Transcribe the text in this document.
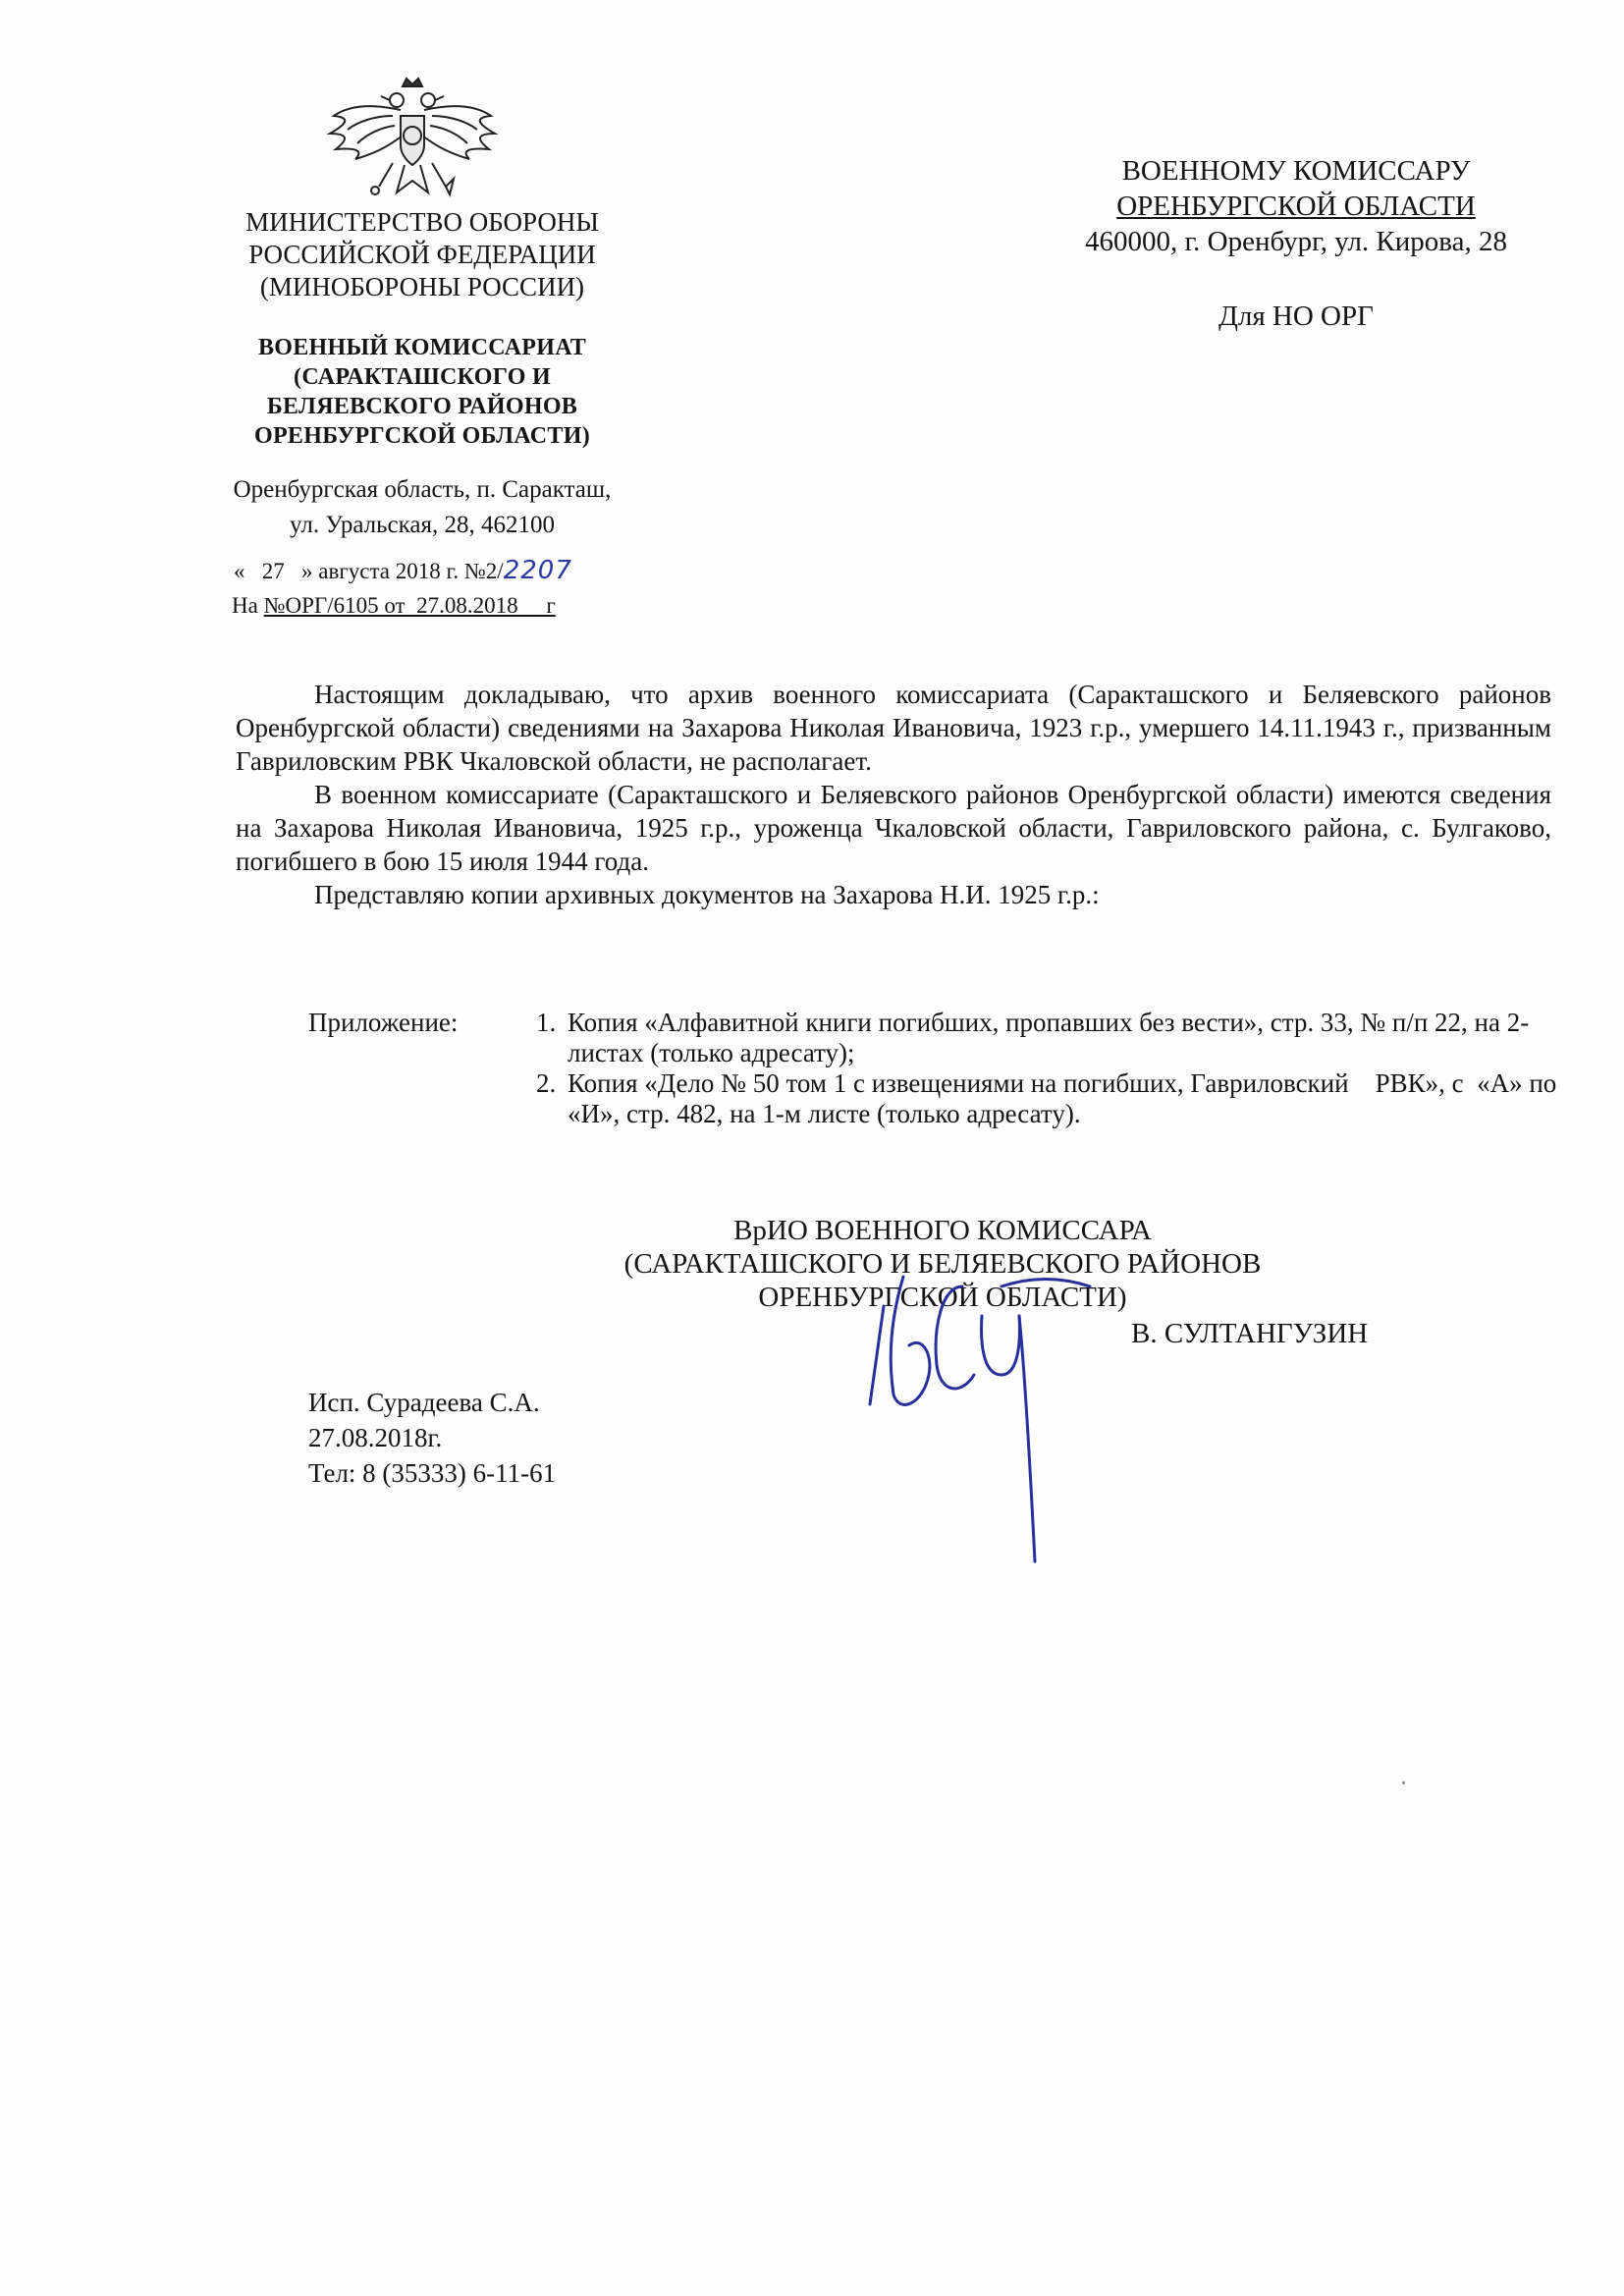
МИНИСТЕРСТВО ОБОРОНЫ
РОССИЙСКОЙ ФЕДЕРАЦИИ
(МИНОБОРОНЫ РОССИИ)
ВОЕННЫЙ КОМИССАРИАТ
(САРАКТАШСКОГО И
БЕЛЯЕВСКОГО РАЙОНОВ
ОРЕНБУРГСКОЙ ОБЛАСТИ)
Оренбургская область, п. Саракташ,
ул. Уральская, 28, 462100
«   27   » августа 2018 г. №2/2207
На №ОРГ/6105 от  27.08.2018     г
ВОЕННОМУ КОМИССАРУ
ОРЕНБУРГСКОЙ ОБЛАСТИ
460000, г. Оренбург, ул. Кирова, 28
Для НО ОРГ

Настоящим докладываю, что архив военного комиссариата (Саракташского и Беляевского районов Оренбургской области) сведениями на Захарова Николая Ивановича, 1923 г.р., умершего 14.11.1943 г., призванным Гавриловским РВК Чкаловской области, не располагает.

В военном комиссариате (Саракташского и Беляевского районов Оренбургской области) имеются сведения на Захарова Николая Ивановича, 1925 г.р., уроженца Чкаловской области, Гавриловского района, с. Булгаково, погибшего в бою 15 июля 1944 года.

Представляю копии архивных документов на Захарова Н.И. 1925 г.р.:

Приложение:	1. Копия «Алфавитной книги погибших, пропавших без вести», стр. 33, № п/п 22, на 2- листах (только адресату);
2. Копия «Дело № 50 том 1 с извещениями на погибших, Гавриловский    РВК», с  «А» по «И», стр. 482, на 1-м листе (только адресату).
ВрИО ВОЕННОГО КОМИССАРА
(САРАКТАШСКОГО И БЕЛЯЕВСКОГО РАЙОНОВ
ОРЕНБУРГСКОЙ ОБЛАСТИ)
В. СУЛТАНГУЗИН
Исп. Сурадеева С.А.
27.08.2018г.
Тел: 8 (35333) 6-11-61
